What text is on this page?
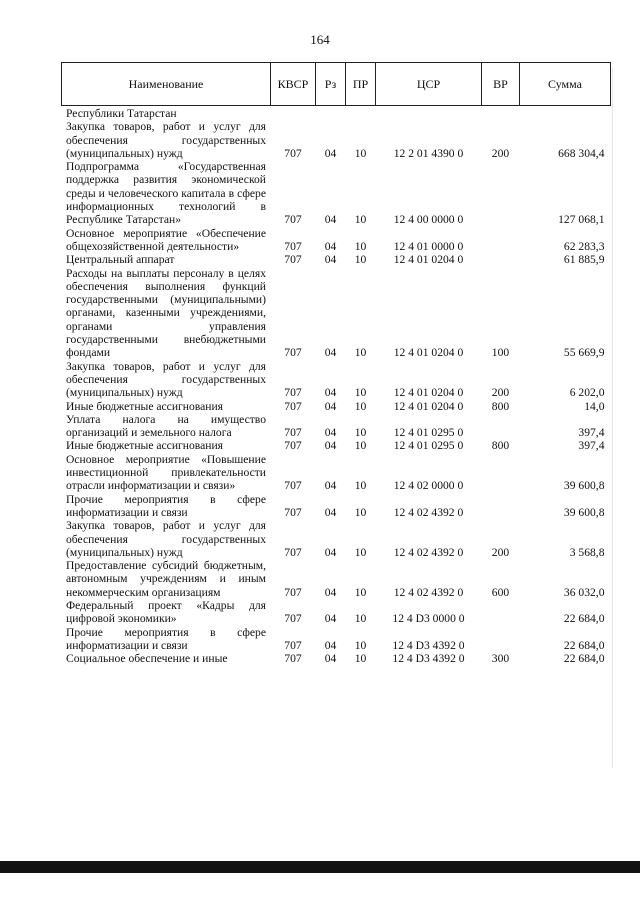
164
Наименование	КВСР	Рз	ПР	ЦСР	ВР	Сумма
Республики Татарстан						
Закупка товаров, работ и услуг для обеспечения государственных (муниципальных) нужд	707	04	10	12 2 01 4390 0	200	668 304,4
Подпрограмма «Государственная поддержка развития экономической среды и человеческого капитала в сфере информационных технологий в Республике Татарстан»	707	04	10	12 4 00 0000 0		127 068,1
Основное мероприятие «Обеспечение общехозяйственной деятельности»	707	04	10	12 4 01 0000 0		62 283,3
Центральный аппарат	707	04	10	12 4 01 0204 0		61 885,9
Расходы на выплаты персоналу в целях обеспечения выполнения функций государственными (муниципальными) органами, казенными учреждениями, органами управления государственными внебюджетными фондами	707	04	10	12 4 01 0204 0	100	55 669,9
Закупка товаров, работ и услуг для обеспечения государственных (муниципальных) нужд	707	04	10	12 4 01 0204 0	200	6 202,0
Иные бюджетные ассигнования	707	04	10	12 4 01 0204 0	800	14,0
Уплата налога на имущество организаций и земельного налога	707	04	10	12 4 01 0295 0		397,4
Иные бюджетные ассигнования	707	04	10	12 4 01 0295 0	800	397,4
Основное мероприятие «Повышение инвестиционной привлекательности отрасли информатизации и связи»	707	04	10	12 4 02 0000 0		39 600,8
Прочие мероприятия в сфере информатизации и связи	707	04	10	12 4 02 4392 0		39 600,8
Закупка товаров, работ и услуг для обеспечения государственных (муниципальных) нужд	707	04	10	12 4 02 4392 0	200	3 568,8
Предоставление субсидий бюджетным, автономным учреждениям и иным некоммерческим организациям	707	04	10	12 4 02 4392 0	600	36 032,0
Федеральный проект «Кадры для цифровой экономики»	707	04	10	12 4 D3 0000 0		22 684,0
Прочие мероприятия в сфере информатизации и связи	707	04	10	12 4 D3 4392 0		22 684,0
Социальное обеспечение и иные	707	04	10	12 4 D3 4392 0	300	22 684,0
